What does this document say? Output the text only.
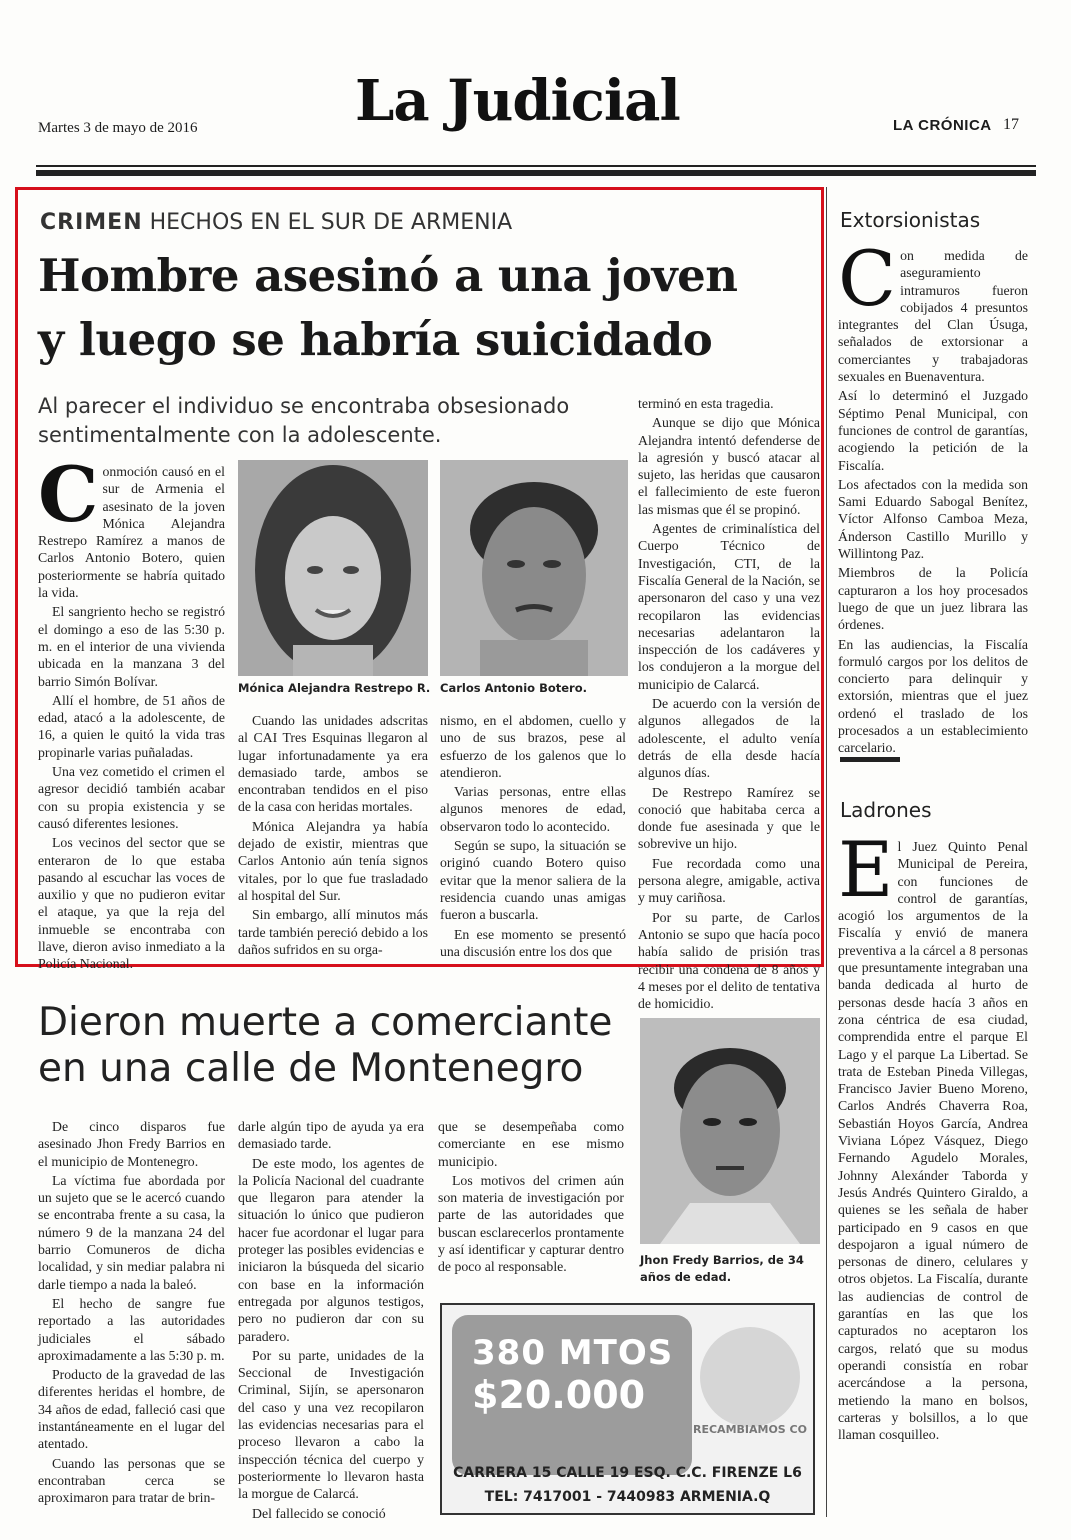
Martes 3 de mayo de 2016	La Judicial	LA CRÓNICA 17
CRIMEN HECHOS EN EL SUR DE ARMENIA
Hombre asesinó a una joven
y luego se habría suicidado
Al parecer el individuo se encontraba obsesionado sentimentalmente con la adolescente.
C onmoción causó en el sur de Armenia el asesinato de la joven Mónica Alejandra Restrepo Ramírez a manos de Carlos Antonio Botero, quien posteriormente se habría quitado la vida.

El sangriento hecho se registró el domingo a eso de las 5:30 p. m. en el interior de una vivienda ubicada en la manzana 3 del barrio Simón Bolívar.

Allí el hombre, de 51 años de edad, atacó a la adolescente, de 16, a quien le quitó la vida tras propinarle varias puñaladas.

Una vez cometido el crimen el agresor decidió también acabar con su propia existencia y se causó diferentes lesiones.

Los vecinos del sector que se enteraron de lo que estaba pasando al escuchar las voces de auxilio y que no pudieron evitar el ataque, ya que la reja del inmueble se encontraba con llave, dieron aviso inmediato a la Policía Nacional.

Mónica Alejandra Restrepo R. Carlos Antonio Botero.

Cuando las unidades adscritas al CAI Tres Esquinas llegaron al lugar infortunadamente ya era demasiado tarde, ambos se encontraban tendidos en el piso de la casa con heridas mortales.

Mónica Alejandra ya había dejado de existir, mientras que Carlos Antonio aún tenía signos vitales, por lo que fue trasladado al hospital del Sur.

Sin embargo, allí minutos más tarde también pereció debido a los daños sufridos en su orga-

nismo, en el abdomen, cuello y uno de sus brazos, pese al esfuerzo de los galenos que lo atendieron.

Varias personas, entre ellas algunos menores de edad, observaron todo lo acontecido.

Según se supo, la situación se originó cuando Botero quiso evitar que la menor saliera de la residencia cuando unas amigas fueron a buscarla.

En ese momento se presentó una discusión entre los dos que

terminó en esta tragedia.

Aunque se dijo que Mónica Alejandra intentó defenderse de la agresión y buscó atacar al sujeto, las heridas que causaron el fallecimiento de este fueron las mismas que él se propinó.

Agentes de criminalística del Cuerpo Técnico de Investigación, CTI, de la Fiscalía General de la Nación, se apersonaron del caso y una vez recopilaron las evidencias necesarias adelantaron la inspección de los cadáveres y los condujeron a la morgue del municipio de Calarcá.

De acuerdo con la versión de algunos allegados de la adolescente, el adulto venía detrás de ella desde hacía algunos días.

De Restrepo Ramírez se conoció que habitaba cerca a donde fue asesinada y que le sobrevive un hijo.

Fue recordada como una persona alegre, amigable, activa y muy cariñosa.

Por su parte, de Carlos Antonio se supo que hacía poco había salido de prisión tras recibir una condena de 8 años y 4 meses por el delito de tentativa de homicidio.

Dieron muerte a comerciante
en una calle de Montenegro

De cinco disparos fue asesinado Jhon Fredy Barrios en el municipio de Montenegro.

La víctima fue abordada por un sujeto que se le acercó cuando se encontraba frente a su casa, la número 9 de la manzana 24 del barrio Comuneros de dicha localidad, y sin mediar palabra ni darle tiempo a nada la baleó.

El hecho de sangre fue reportado a las autoridades judiciales el sábado aproximadamente a las 5:30 p. m.

Producto de la gravedad de las diferentes heridas el hombre, de 34 años de edad, falleció casi que instantáneamente en el lugar del atentado.

Cuando las personas que se encontraban cerca se aproximaron para tratar de brin-

darle algún tipo de ayuda ya era demasiado tarde.

De este modo, los agentes de la Policía Nacional del cuadrante que llegaron para atender la situación lo único que pudieron hacer fue acordonar el lugar para proteger las posibles evidencias e iniciaron la búsqueda del sicario con base en la información entregada por algunos testigos, pero no pudieron dar con su paradero.

Por su parte, unidades de la Seccional de Investigación Criminal, Sijín, se apersonaron del caso y una vez recopilaron las evidencias necesarias para el proceso llevaron a cabo la inspección técnica del cuerpo y posteriormente lo llevaron hasta la morgue de Calarcá.

Del fallecido se conoció

que se desempeñaba como comerciante en ese mismo municipio.

Los motivos del crimen aún son materia de investigación por parte de las autoridades que buscan esclarecerlos prontamente y así identificar y capturar dentro de poco al responsable.	Jhon Fredy Barrios, de 34 años de edad.
380 MTOS
$20.000
RECAMBIAMOS CO
CARRERA 15 CALLE 19 ESQ. C.C. FIRENZE L6
TEL: 7417001 - 7440983 ARMENIA.Q
Extorsionistas
C on medida de aseguramiento intramuros fueron cobijados 4 presuntos integrantes del Clan Úsuga, señalados de extorsionar a comerciantes y trabajadoras sexuales en Buenaventura.

Así lo determinó el Juzgado Séptimo Penal Municipal, con funciones de control de garantías, acogiendo la petición de la Fiscalía.

Los afectados con la medida son Sami Eduardo Sabogal Benítez, Víctor Alfonso Camboa Meza, Ánderson Castillo Murillo y Willintong Paz.

Miembros de la Policía capturaron a los hoy procesados luego de que un juez librara las órdenes.

En las audiencias, la Fiscalía formuló cargos por los delitos de concierto para delinquir y extorsión, mientras que el juez ordenó el traslado de los procesados a un establecimiento carcelario.

Ladrones
E l Juez Quinto Penal Municipal de Pereira, con funciones de control de garantías, acogió los argumentos de la Fiscalía y envió de manera preventiva a la cárcel a 8 personas que presuntamente integraban una banda dedicada al hurto de personas desde hacía 3 años en zona céntrica de esa ciudad, comprendida entre el parque El Lago y el parque La Libertad. Se trata de Esteban Pineda Villegas, Francisco Javier Bueno Moreno, Carlos Andrés Chaverra Roa, Sebastián Hoyos García, Andrea Viviana López Vásquez, Diego Fernando Agudelo Morales, Johnny Alexánder Taborda y Jesús Andrés Quintero Giraldo, a quienes se les señala de haber participado en 9 casos en que despojaron a igual número de personas de dinero, celulares y otros objetos. La Fiscalía, durante las audiencias de control de garantías en las que los capturados no aceptaron los cargos, relató que su modus operandi consistía en robar acercándose a la persona, metiendo la mano en bolsos, carteras y bolsillos, a lo que llaman cosquilleo.
